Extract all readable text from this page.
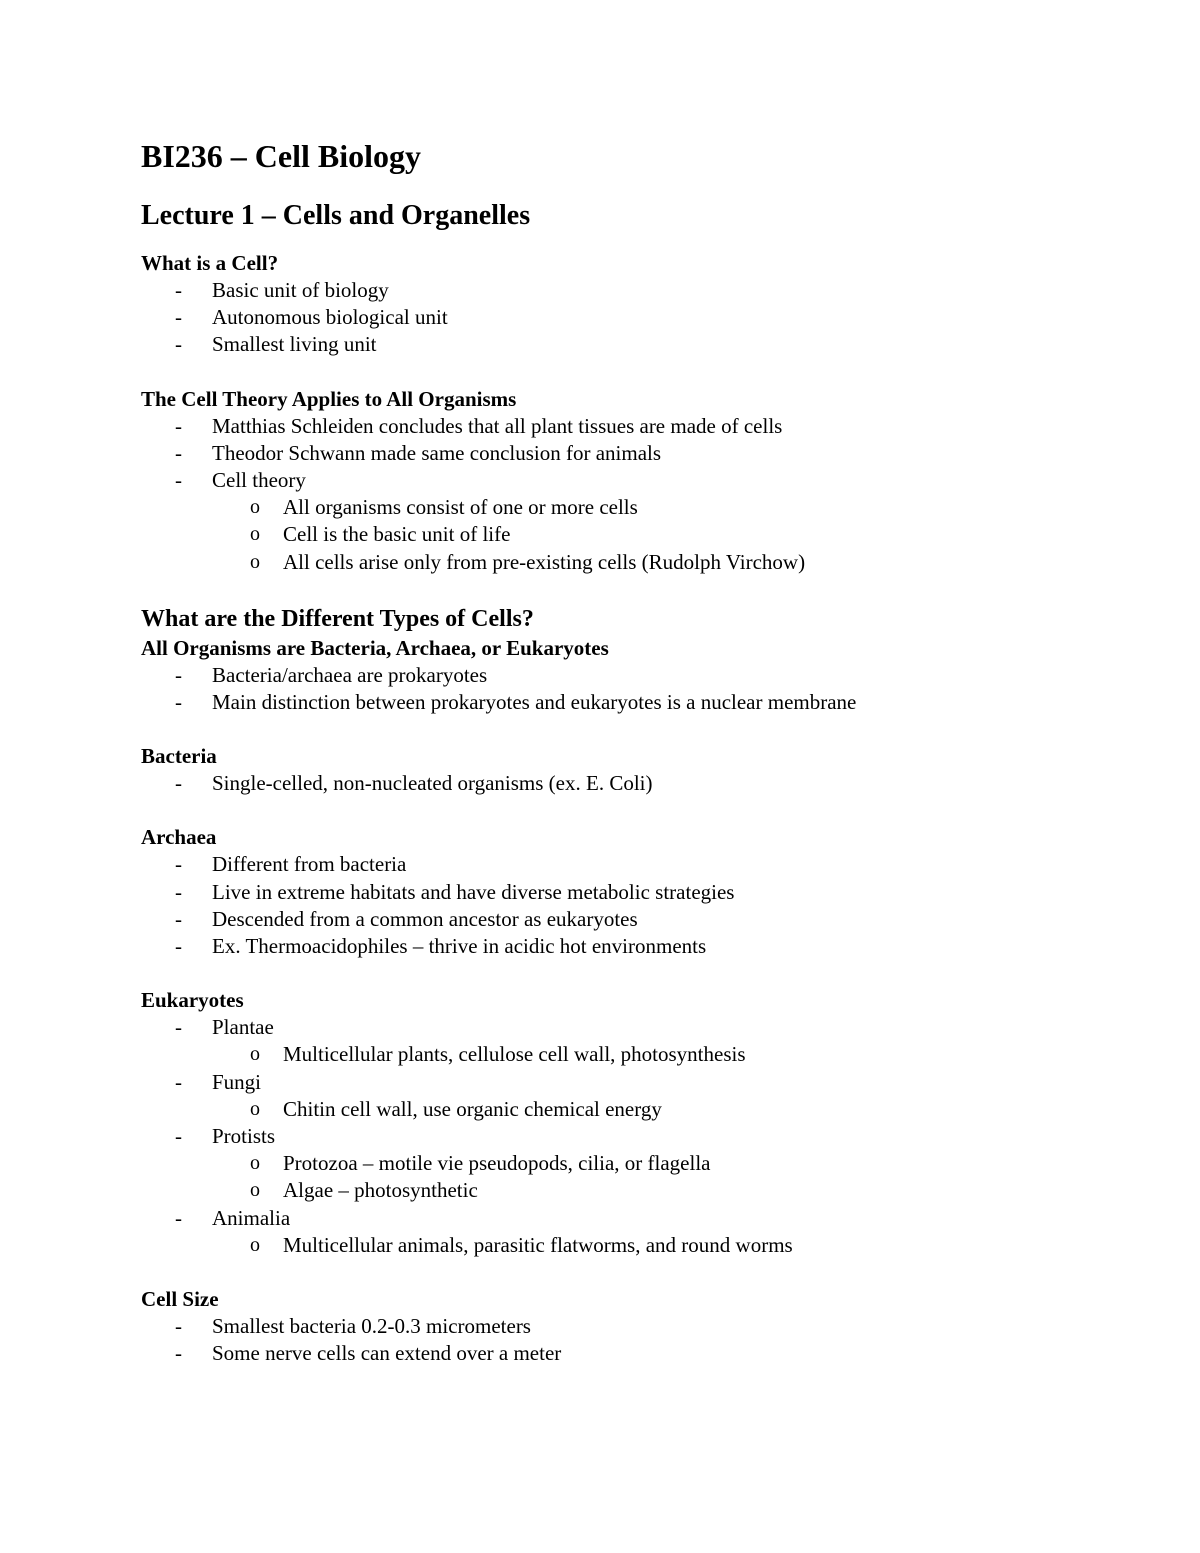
BI236 – Cell Biology
Lecture 1 – Cells and Organelles
What is a Cell?
- Basic unit of biology
- Autonomous biological unit
- Smallest living unit
The Cell Theory Applies to All Organisms
- Matthias Schleiden concludes that all plant tissues are made of cells
- Theodor Schwann made same conclusion for animals
- Cell theory
o All organisms consist of one or more cells
o Cell is the basic unit of life
o All cells arise only from pre-existing cells (Rudolph Virchow)
What are the Different Types of Cells?
All Organisms are Bacteria, Archaea, or Eukaryotes
- Bacteria/archaea are prokaryotes
- Main distinction between prokaryotes and eukaryotes is a nuclear membrane
Bacteria
- Single-celled, non-nucleated organisms (ex. E. Coli)
Archaea
- Different from bacteria
- Live in extreme habitats and have diverse metabolic strategies
- Descended from a common ancestor as eukaryotes
- Ex. Thermoacidophiles – thrive in acidic hot environments
Eukaryotes
- Plantae
o Multicellular plants, cellulose cell wall, photosynthesis
- Fungi
o Chitin cell wall, use organic chemical energy
- Protists
o Protozoa – motile vie pseudopods, cilia, or flagella
o Algae – photosynthetic
- Animalia
o Multicellular animals, parasitic flatworms, and round worms
Cell Size
- Smallest bacteria 0.2-0.3 micrometers
- Some nerve cells can extend over a meter
